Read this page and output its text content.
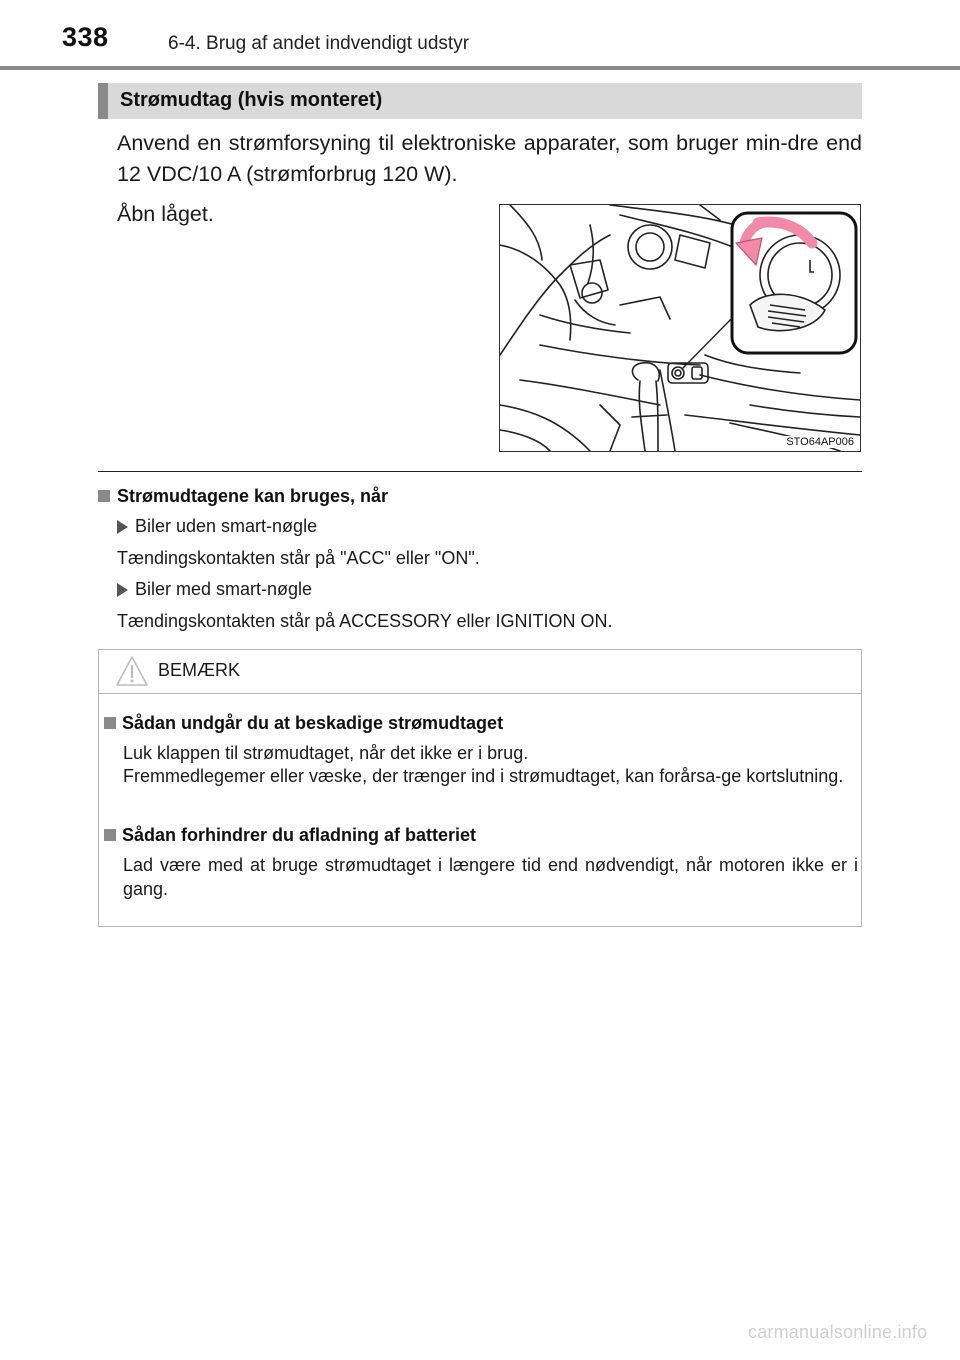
338	6-4. Brug af andet indvendigt udstyr
Strømudtag (hvis monteret)
Anvend en strømforsyning til elektroniske apparater, som bruger min-dre end 12 VDC/10 A (strømforbrug 120 W).
Åbn låget.
STO64AP006
Strømudtagene kan bruges, når
Biler uden smart-nøgle
Tændingskontakten står på "ACC" eller "ON".
Biler med smart-nøgle
Tændingskontakten står på ACCESSORY eller IGNITION ON.
BEMÆRK
Sådan undgår du at beskadige strømudtaget
Luk klappen til strømudtaget, når det ikke er i brug.
Fremmedlegemer eller væske, der trænger ind i strømudtaget, kan forårsa-ge kortslutning.
Sådan forhindrer du afladning af batteriet
Lad være med at bruge strømudtaget i længere tid end nødvendigt, når motoren ikke er i gang.
carmanualsonline.info
